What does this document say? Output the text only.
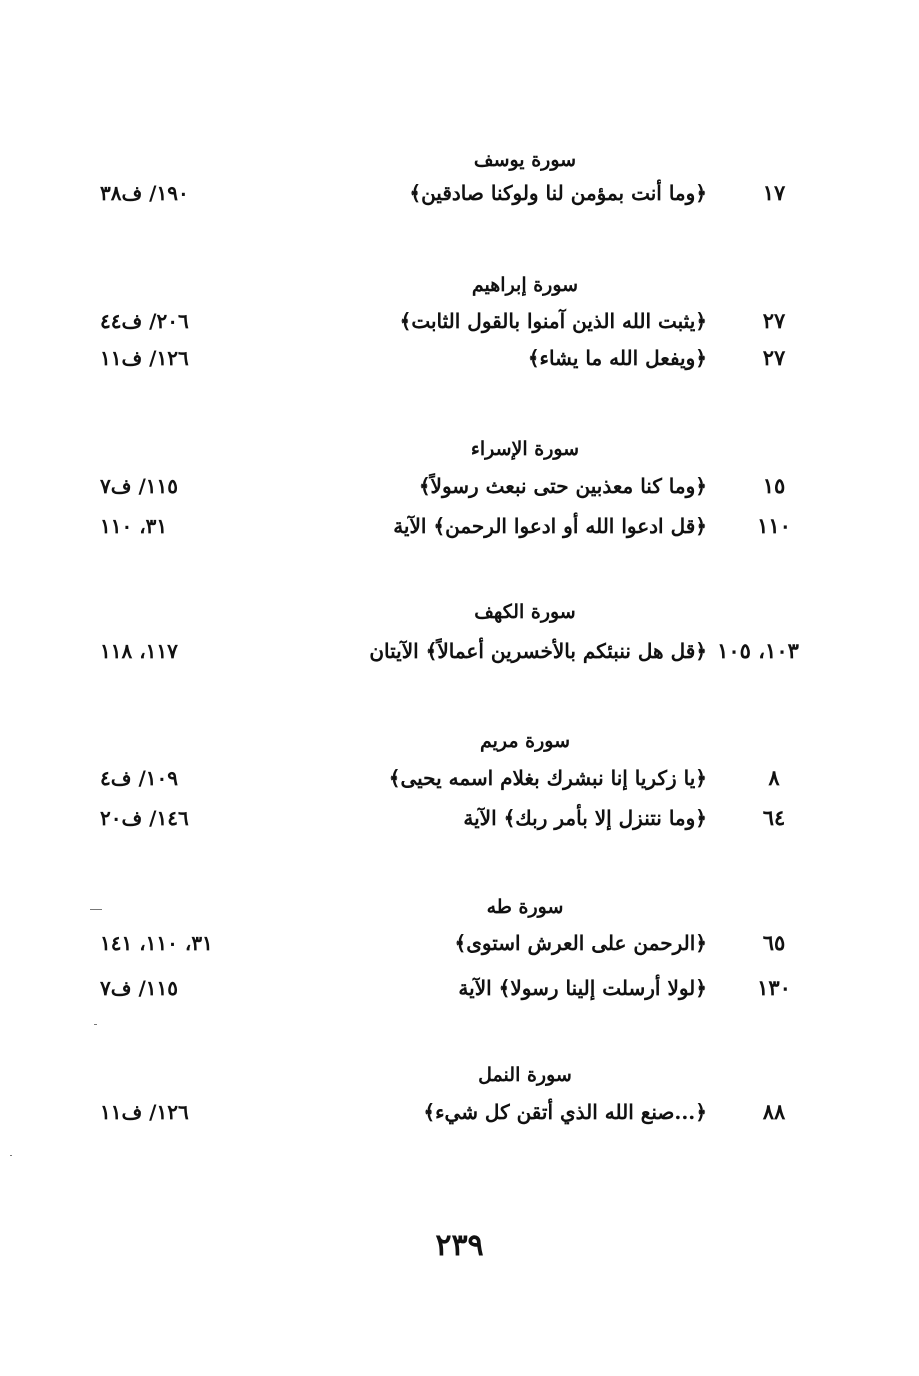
سورة يوسف
١٧
﴿وما أنت بمؤمن لنا ولوكنا صادقين﴾
١٩٠/ ف٣٨
سورة إبراهيم
٢٧
﴿يثبت الله الذين آمنوا بالقول الثابت﴾
٢٠٦/ ف٤٤
٢٧
﴿ويفعل الله ما يشاء﴾
١٢٦/ ف١١
سورة الإسراء
١٥
﴿وما كنا معذبين حتى نبعث رسولاً﴾
١١٥/ ف٧
١١٠
﴿قل ادعوا الله أو ادعوا الرحمن﴾ الآية
٣١، ١١٠
سورة الكهف
١٠٣، ١٠٥
﴿قل هل ننبئكم بالأخسرين أعمالاً﴾ الآيتان
١١٧، ١١٨
سورة مريم
٨
﴿يا زكريا إنا نبشرك بغلام اسمه يحيى﴾
١٠٩/ ف٤
٦٤
﴿وما نتنزل إلا بأمر ربك﴾ الآية
١٤٦/ ف٢٠
سورة طه
٦٥
﴿الرحمن على العرش استوى﴾
٣١، ١١٠، ١٤١
١٣٠
﴿لولا أرسلت إلينا رسولا﴾ الآية
١١٥/ ف٧
سورة النمل
٨٨
﴿...صنع الله الذي أتقن كل شيء﴾
١٢٦/ ف١١
٢٣٩
